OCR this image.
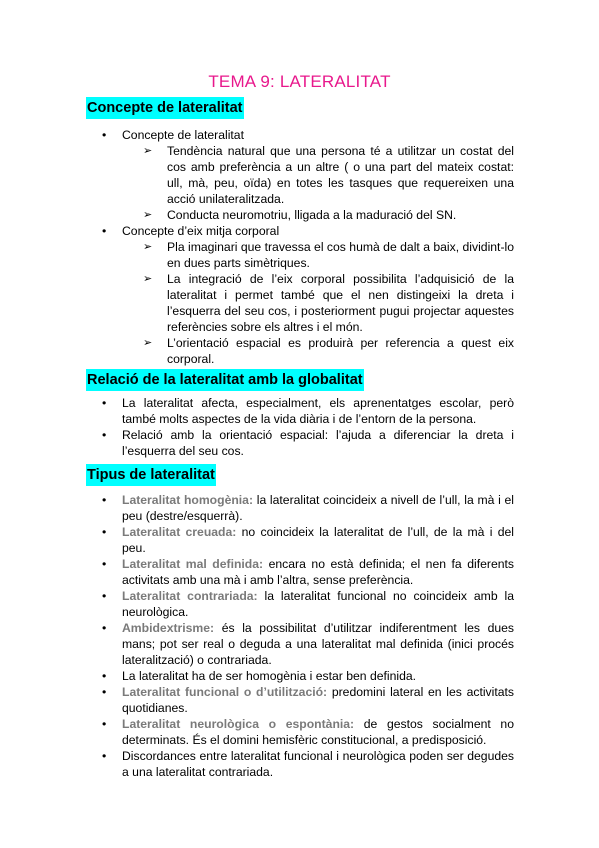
TEMA 9: LATERALITAT
Concepte de lateralitat
• Concepte de lateralitat
➢ Tendència natural que una persona té a utilitzar un costat del cos amb preferència a un altre ( o una part del mateix costat: ull, mà, peu, oïda) en totes les tasques que requereixen una acció unilateralitzada.
➢ Conducta neuromotriu, lligada a la maduració del SN.
• Concepte d’eix mitja corporal
➢ Pla imaginari que travessa el cos humà de dalt a baix, dividint-lo en dues parts simètriques.
➢ La integració de l’eix corporal possibilita l’adquisició de la lateralitat i permet també que el nen distingeixi la dreta i l’esquerra del seu cos, i posteriorment pugui projectar aquestes referències sobre els altres i el món.
➢ L’orientació espacial es produirà per referencia a quest eix corporal.
Relació de la lateralitat amb la globalitat
• La lateralitat afecta, especialment, els aprenentatges escolar, però també molts aspectes de la vida diària i de l’entorn de la persona.
• Relació amb la orientació espacial: l’ajuda a diferenciar la dreta i l’esquerra del seu cos.
Tipus de lateralitat
• Lateralitat homogènia: la lateralitat coincideix a nivell de l’ull, la mà i el peu (destre/esquerrà).
• Lateralitat creuada: no coincideix la lateralitat de l’ull, de la mà i del peu.
• Lateralitat mal definida: encara no està definida; el nen fa diferents activitats amb una mà i amb l’altra, sense preferència.
• Lateralitat contrariada: la lateralitat funcional no coincideix amb la neurològica.
• Ambidextrisme: és la possibilitat d’utilitzar indiferentment les dues mans; pot ser real o deguda a una lateralitat mal definida (inici procés lateralització) o contrariada.
• La lateralitat ha de ser homogènia i estar ben definida.
• Lateralitat funcional o d’utilització: predomini lateral en les activitats quotidianes.
• Lateralitat neurològica o espontània: de gestos socialment no determinats. És el domini hemisfèric constitucional, a predisposició.
• Discordances entre lateralitat funcional i neurològica poden ser degudes a una lateralitat contrariada.
